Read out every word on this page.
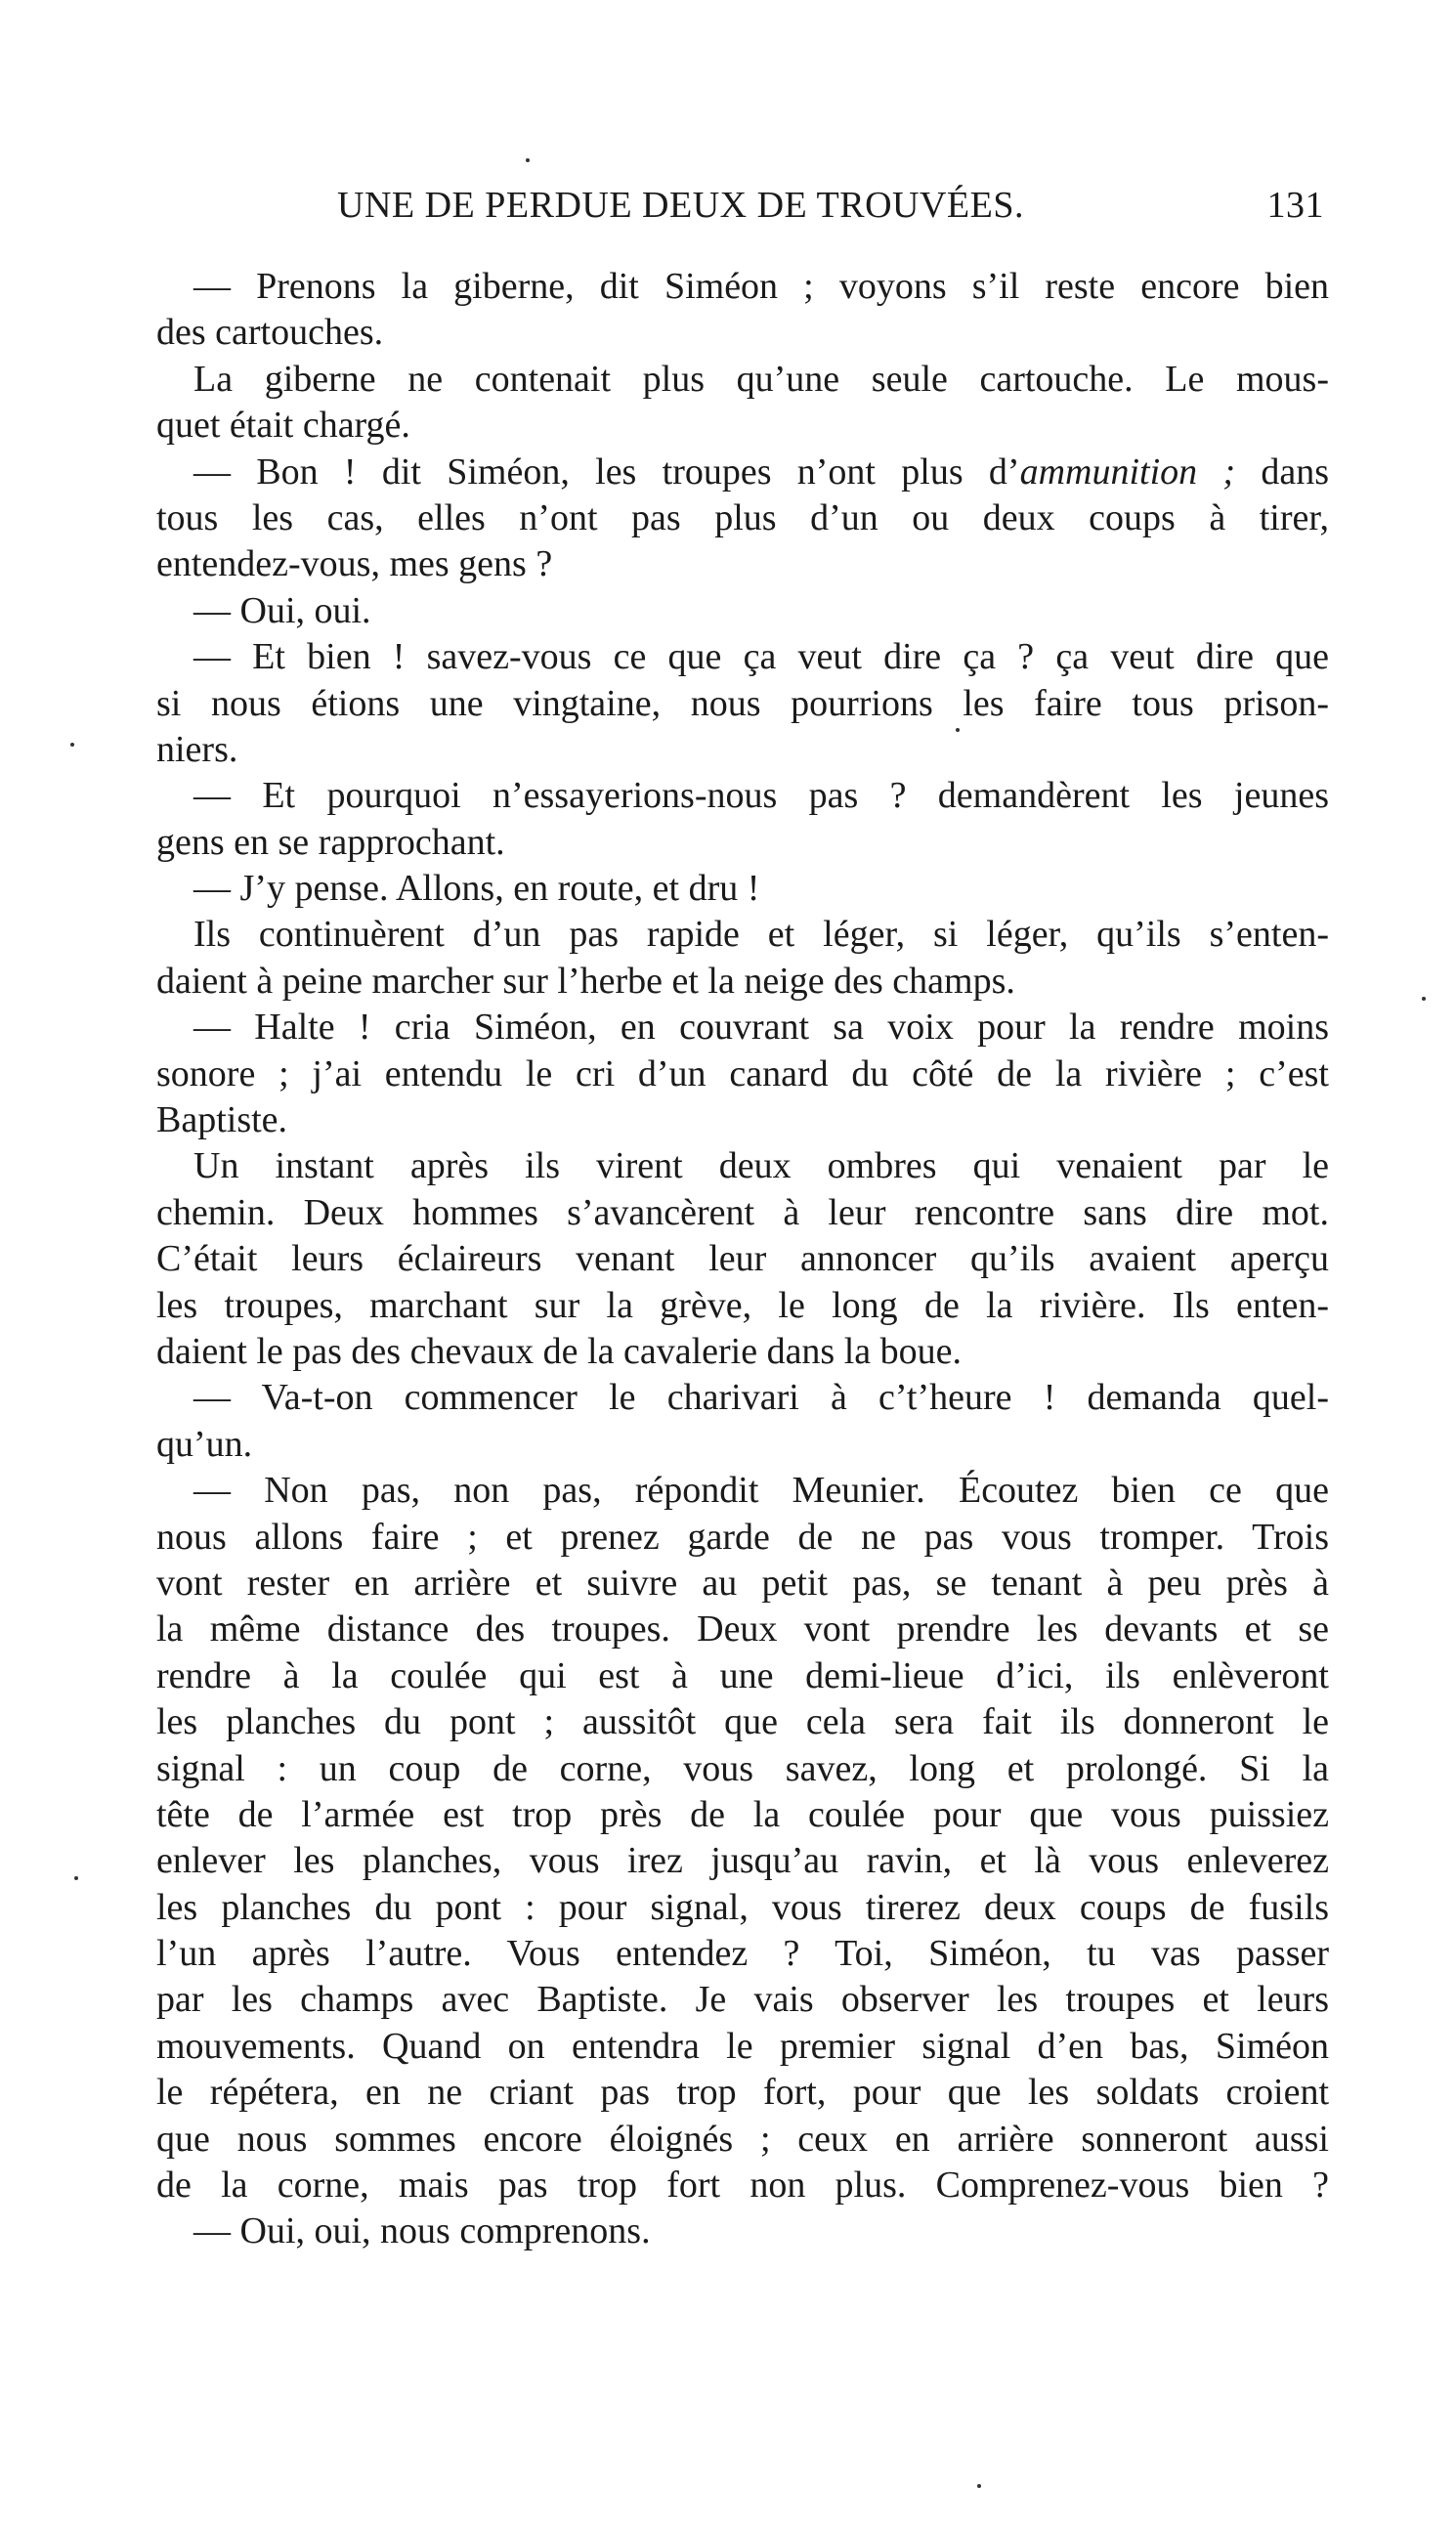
UNE DE PERDUE DEUX DE TROUVÉES.	131
— Prenons la giberne, dit Siméon ; voyons s’il reste encore bien
des cartouches.
La giberne ne contenait plus qu’une seule cartouche. Le mous-
quet était chargé.
— Bon ! dit Siméon, les troupes n’ont plus d’ammunition ; dans
tous les cas, elles n’ont pas plus d’un ou deux coups à tirer,
entendez-vous, mes gens ?
— Oui, oui.
— Et bien ! savez-vous ce que ça veut dire ça ? ça veut dire que
si nous étions une vingtaine, nous pourrions les faire tous prison-
niers.
— Et pourquoi n’essayerions-nous pas ? demandèrent les jeunes
gens en se rapprochant.
— J’y pense. Allons, en route, et dru !
Ils continuèrent d’un pas rapide et léger, si léger, qu’ils s’enten-
daient à peine marcher sur l’herbe et la neige des champs.
— Halte ! cria Siméon, en couvrant sa voix pour la rendre moins
sonore ; j’ai entendu le cri d’un canard du côté de la rivière ; c’est
Baptiste.
Un instant après ils virent deux ombres qui venaient par le
chemin. Deux hommes s’avancèrent à leur rencontre sans dire mot.
C’était leurs éclaireurs venant leur annoncer qu’ils avaient aperçu
les troupes, marchant sur la grève, le long de la rivière. Ils enten-
daient le pas des chevaux de la cavalerie dans la boue.
— Va-t-on commencer le charivari à c’t’heure ! demanda quel-
qu’un.
— Non pas, non pas, répondit Meunier. Écoutez bien ce que
nous allons faire ; et prenez garde de ne pas vous tromper. Trois
vont rester en arrière et suivre au petit pas, se tenant à peu près à
la même distance des troupes. Deux vont prendre les devants et se
rendre à la coulée qui est à une demi-lieue d’ici, ils enlèveront
les planches du pont ; aussitôt que cela sera fait ils donneront le
signal : un coup de corne, vous savez, long et prolongé. Si la
tête de l’armée est trop près de la coulée pour que vous puissiez
enlever les planches, vous irez jusqu’au ravin, et là vous enleverez
les planches du pont : pour signal, vous tirerez deux coups de fusils
l’un après l’autre. Vous entendez ? Toi, Siméon, tu vas passer
par les champs avec Baptiste. Je vais observer les troupes et leurs
mouvements. Quand on entendra le premier signal d’en bas, Siméon
le répétera, en ne criant pas trop fort, pour que les soldats croient
que nous sommes encore éloignés ; ceux en arrière sonneront aussi
de la corne, mais pas trop fort non plus. Comprenez-vous bien ?
— Oui, oui, nous comprenons.
